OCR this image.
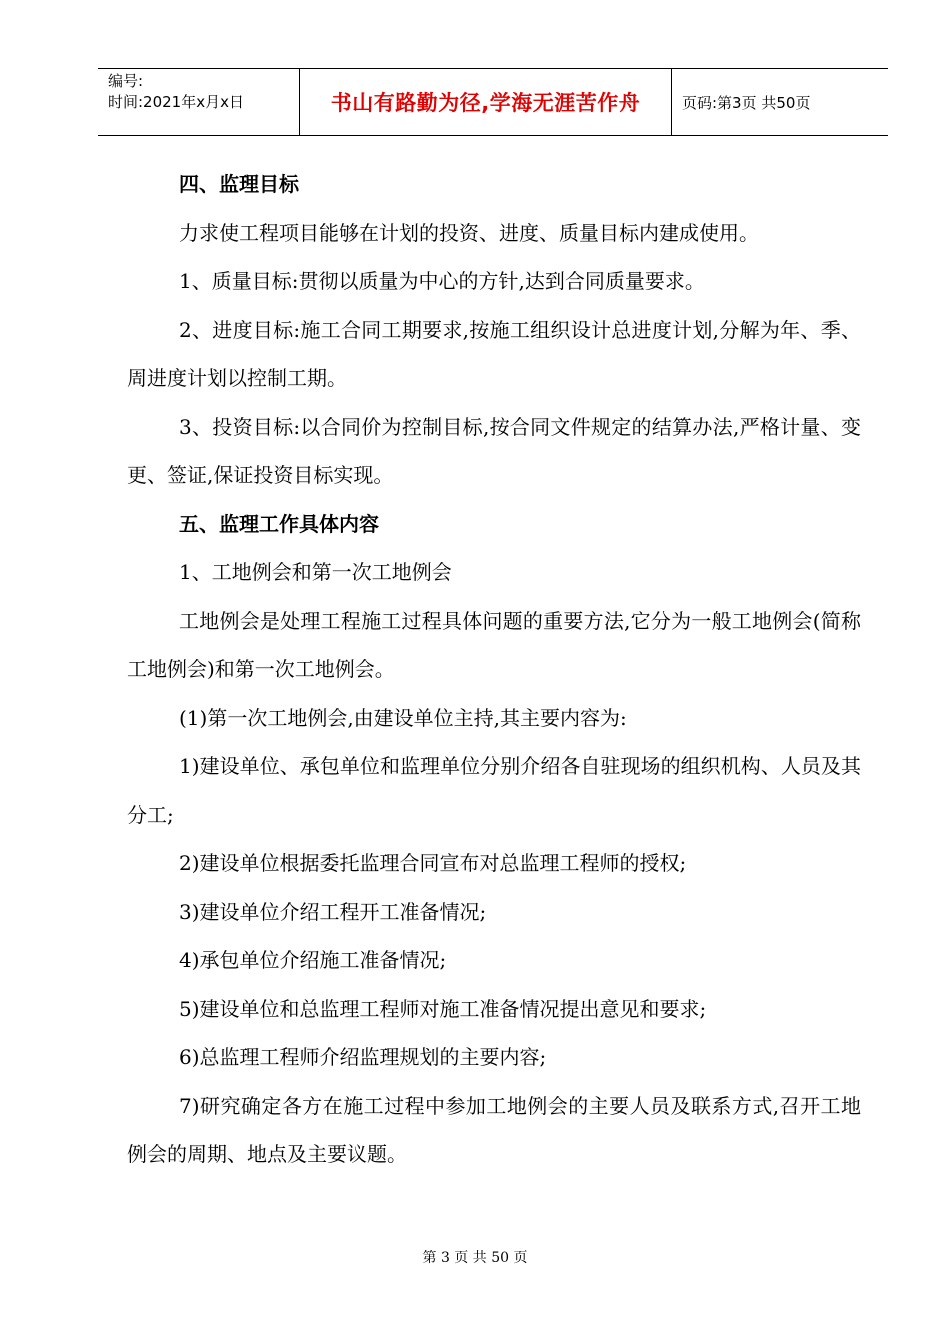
编号:
时间:2021年x月x日	书山有路勤为径,学海无涯苦作舟	页码:第3页 共50页

四、监理目标

力求使工程项目能够在计划的投资、进度、质量目标内建成使用。

1、质量目标:贯彻以质量为中心的方针,达到合同质量要求。

2、进度目标:施工合同工期要求,按施工组织设计总进度计划,分解为年、季、周进度计划以控制工期。

3、投资目标:以合同价为控制目标,按合同文件规定的结算办法,严格计量、变更、签证,保证投资目标实现。

五、监理工作具体内容

1、工地例会和第一次工地例会

工地例会是处理工程施工过程具体问题的重要方法,它分为一般工地例会(简称工地例会)和第一次工地例会。

(1)第一次工地例会,由建设单位主持,其主要内容为:

1)建设单位、承包单位和监理单位分别介绍各自驻现场的组织机构、人员及其分工;

2)建设单位根据委托监理合同宣布对总监理工程师的授权;

3)建设单位介绍工程开工准备情况;

4)承包单位介绍施工准备情况;

5)建设单位和总监理工程师对施工准备情况提出意见和要求;

6)总监理工程师介绍监理规划的主要内容;

7)研究确定各方在施工过程中参加工地例会的主要人员及联系方式,召开工地例会的周期、地点及主要议题。

第 3 页 共 50 页
